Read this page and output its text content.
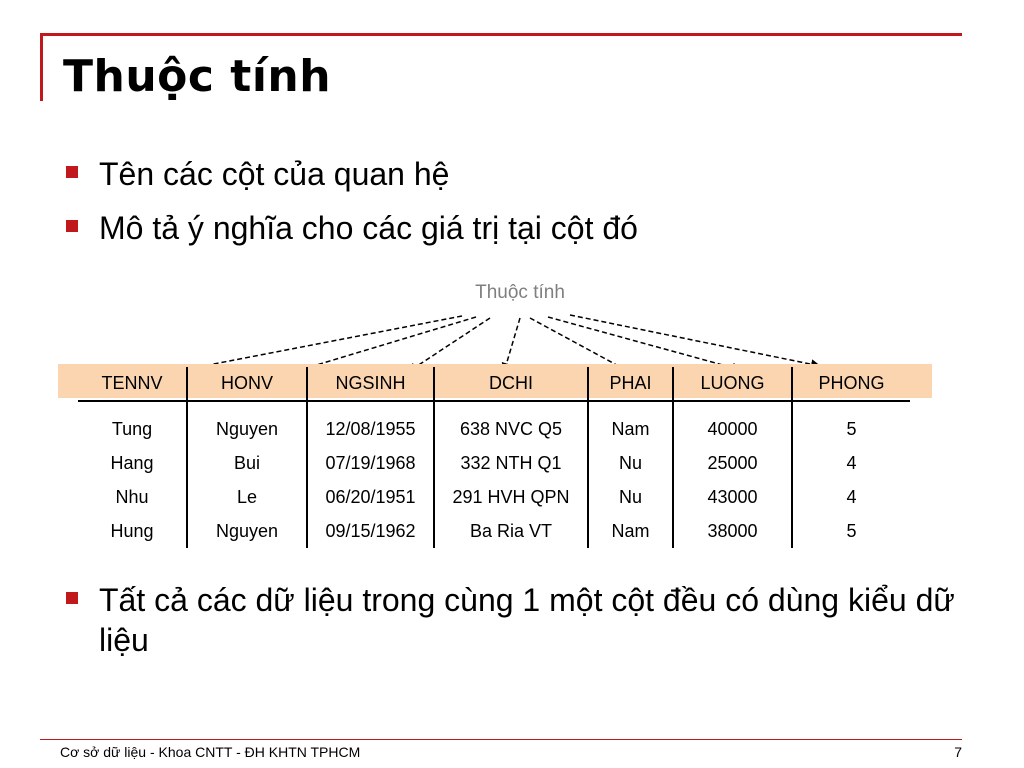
Thuộc tính

Tên các cột của quan hệ

Mô tả ý nghĩa cho các giá trị tại cột đó

Thuộc tính
TENNV	HONV	NGSINH	DCHI	PHAI	LUONG	PHONG
Tung	Nguyen	12/08/1955	638 NVC Q5	Nam	40000	5
Hang	Bui	07/19/1968	332 NTH Q1	Nu	25000	4
Nhu	Le	06/20/1951	291 HVH QPN	Nu	43000	4
Hung	Nguyen	09/15/1962	Ba Ria VT	Nam	38000	5

Tất cả các dữ liệu trong cùng 1 một cột đều có dùng kiểu dữ liệu

Cơ sở dữ liệu - Khoa CNTT - ĐH KHTN TPHCM	7
